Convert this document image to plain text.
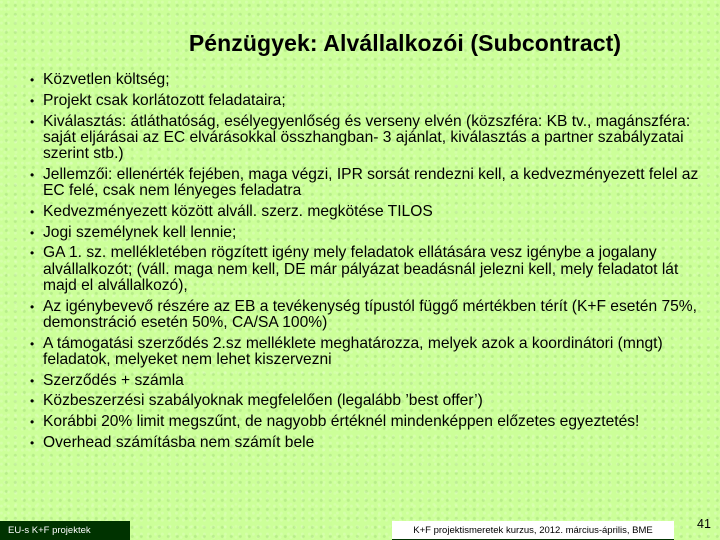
Pénzügyek: Alvállalkozói (Subcontract)
• Közvetlen költség;
• Projekt csak korlátozott feladataira;
• Kiválasztás: átláthatóság, esélyegyenlőség és verseny elvén (közszféra: KB tv., magánszféra: saját eljárásai az EC elvárásokkal összhangban- 3 ajánlat, kiválasztás a partner szabályzatai szerint stb.)
• Jellemzői: ellenérték fejében, maga végzi, IPR sorsát rendezni kell, a kedvezményezett felel az EC felé, csak nem lényeges feladatra
• Kedvezményezett között alváll. szerz. megkötése TILOS
• Jogi személynek kell lennie;
• GA 1. sz. mellékletében rögzített igény mely feladatok ellátására vesz igénybe a jogalany alvállalkozót; (váll. maga nem kell, DE már pályázat beadásnál jelezni kell, mely feladatot lát majd el alvállalkozó),
• Az igénybevevő részére az EB a tevékenység típustól függő mértékben térít (K+F esetén 75%, demonstráció esetén 50%, CA/SA 100%)
• A támogatási szerződés 2.sz melléklete meghatározza, melyek azok a koordinátori (mngt) feladatok, melyeket nem lehet kiszervezni
• Szerződés + számla
• Közbeszerzési szabályoknak megfelelően (legalább ’best offer’)
• Korábbi 20% limit megszűnt, de nagyobb értéknél mindenképpen előzetes egyeztetés!
• Overhead számításba nem számít bele
EU-s K+F projektek	K+F projektismeretek kurzus, 2012. március-április, BME	41
